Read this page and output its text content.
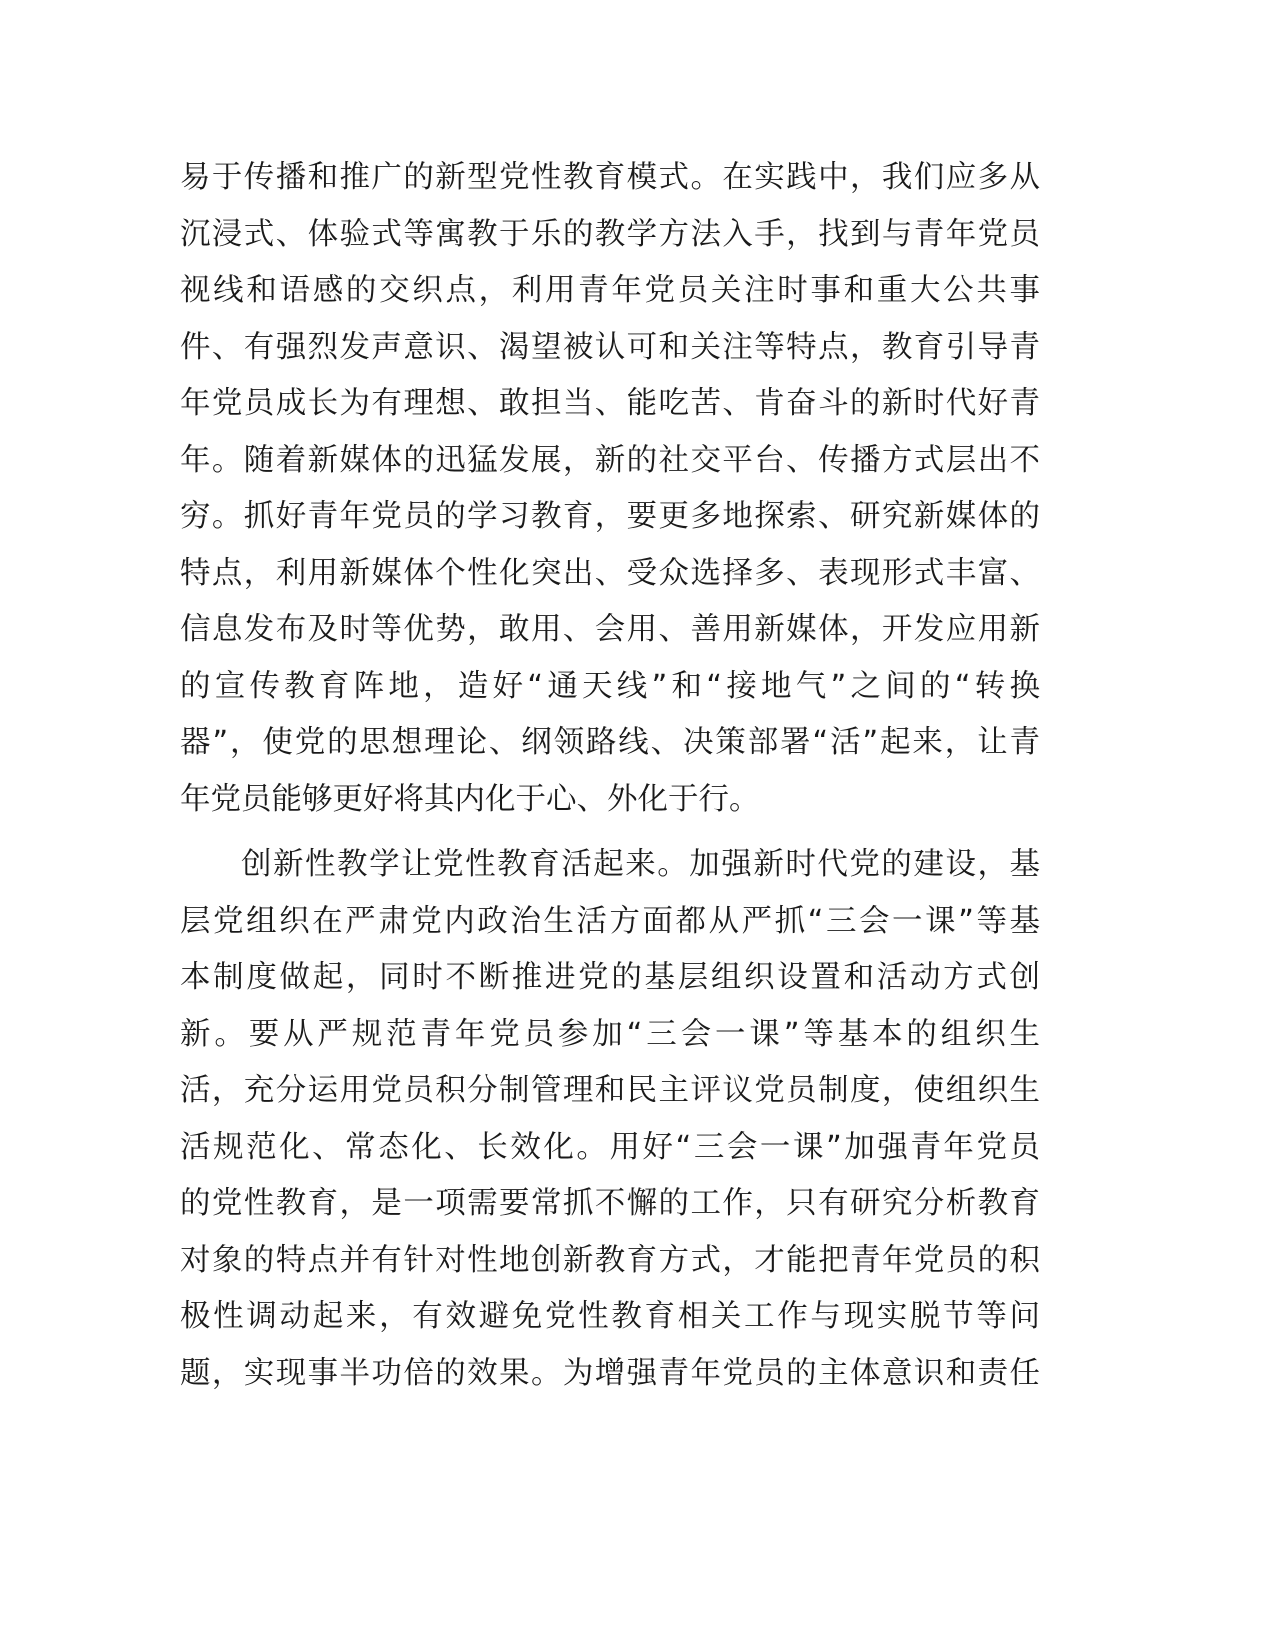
易于传播和推广的新型党性教育模式。在实践中，我们应多从
沉浸式、体验式等寓教于乐的教学方法入手，找到与青年党员
视线和语感的交织点，利用青年党员关注时事和重大公共事
件、有强烈发声意识、渴望被认可和关注等特点，教育引导青
年党员成长为有理想、敢担当、能吃苦、肯奋斗的新时代好青
年。随着新媒体的迅猛发展，新的社交平台、传播方式层出不
穷。抓好青年党员的学习教育，要更多地探索、研究新媒体的
特点，利用新媒体个性化突出、受众选择多、表现形式丰富、
信息发布及时等优势，敢用、会用、善用新媒体，开发应用新
的宣传教育阵地，造好“通天线”和“接地气”之间的“转换
器”，使党的思想理论、纲领路线、决策部署“活”起来，让青
年党员能够更好将其内化于心、外化于行。
创新性教学让党性教育活起来。加强新时代党的建设，基
层党组织在严肃党内政治生活方面都从严抓“三会一课”等基
本制度做起，同时不断推进党的基层组织设置和活动方式创
新。要从严规范青年党员参加“三会一课”等基本的组织生
活，充分运用党员积分制管理和民主评议党员制度，使组织生
活规范化、常态化、长效化。用好“三会一课”加强青年党员
的党性教育，是一项需要常抓不懈的工作，只有研究分析教育
对象的特点并有针对性地创新教育方式，才能把青年党员的积
极性调动起来，有效避免党性教育相关工作与现实脱节等问
题，实现事半功倍的效果。为增强青年党员的主体意识和责任
